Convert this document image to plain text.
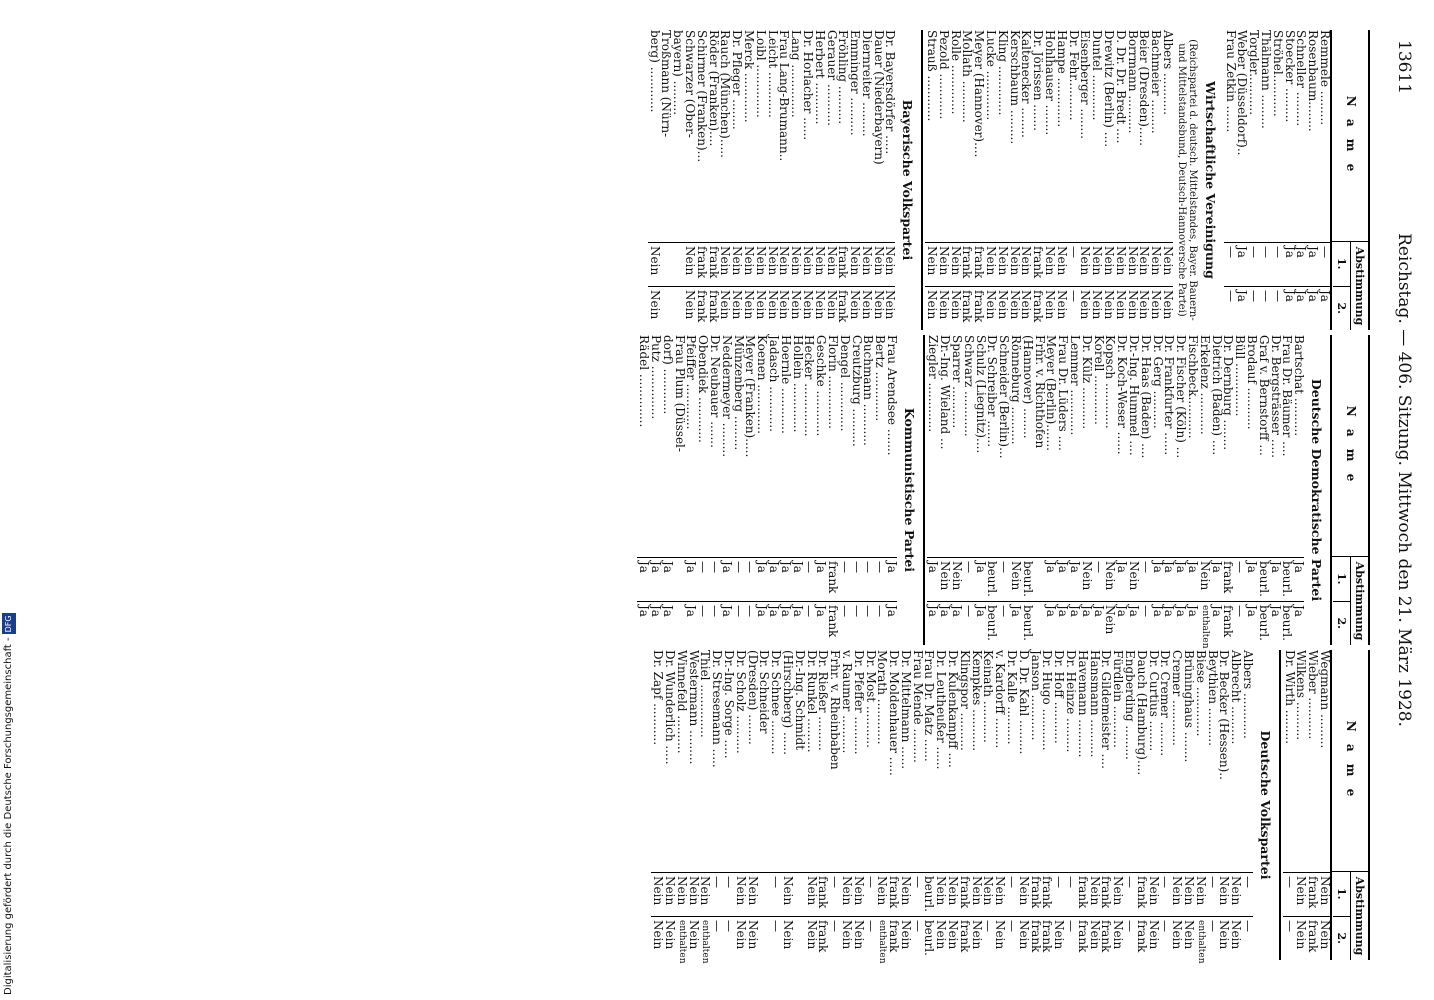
13611
Reichstag. — 406. Sitzung. Mittwoch den 21. März 1928.
N a m e
Abstimmung
1.
2.
Remmele .........
—
Ja
Rosenbaum........
Ja
Ja
Schneller .........
Ja
Ja
Stoecker .........
Ja
Ja
Ströhel...........
—
—
Thälmann .........
—
—
Torgler...........
—
—
Weber (Düsseldorf)..
Ja
Ja
Frau Zetkin .......
—
—
Wirtschaftliche Vereinigung
(Reichspartei d. deutsch. Mittelstandes, Bayer. Bauern- und Mittelstandsbund, Deutsch-Hannoversche Partei)
Albers ...........
Nein
Nein
Bachmeier .........
Nein
Nein
Beier (Dresden).....
Nein
Nein
Borrmann ..........
Nein
Nein
D. Dr. Dr. Bredt ....
Nein
Nein
Drewitz (Berlin) ....
Nein
Nein
Duntel ............
Nein
Nein
Eisenberger ........
Nein
Nein
Dr. Fehr...........
—
—
Hampe .............
Nein
Nein
Hohlhauser ........
Nein
Nein
Dr. Jörissen .......
frank
frank
Kaltenecker ........
Nein
Nein
Kerschbaum .........
Nein
Nein
Kling .............
Nein
Nein
Lucke .............
Nein
Nein
Meyer (Hannover)....
frank
frank
Mollath ...........
frank
frank
Rolle .............
Nein
Nein
Pezold ............
Nein
Nein
Strauß ............
Nein
Nein
Bayerische Volkspartei
Dr. Bayersdörfer .....
Nein
Nein
Dauer (Niederbayern)
Nein
Nein
Diernreiter .........
Nein
Nein
Emminger ..........
Nein
Nein
Fröhling ..........
frank
frank
Gerauer ...........
Nein
Nein
Herbert ...........
Nein
Nein
Dr. Horlacher ......
Nein
Nein
Lang ..............
Nein
Nein
Frau Lang-Brumann..
Nein
Nein
Leicht ............
Nein
Nein
Loibl ..............
Nein
Nein
Merck .............
Nein
Nein
Dr. Pfleger ........
Nein
Nein
Rauch (München).....
Nein
Nein
Röder (Franken)....
frank
frank
Schirmer (Franken)...
frank
frank
Schwarzer (Ober-
Nein
Nein
bayern) .........
Troßmann (Nürn-
berg) ............
Nein
Nein
N a m e
Abstimmung
1.
2.
Deutsche Demokratische Partei
Bartschat ..........
Ja
Ja
Frau Dr. Bäumer ....
beurl.
beurl.
Dr. Bergsträsser .....
Ja
Ja
Graf v. Bernstorff ...
beurl.
beurl.
Brodauf ...........
Ja
Ja
Büll ..............
—
—
Dr. Dernburg ........
frank
frank
Dietrich (Baden) ....
Ja
Ja
Erkelenz ...........
Nein
enthalten
Fischbeck...........
Ja
Ja
Dr. Fischer (Köln) ...
Ja
Ja
Dr. Frankfurter ......
Ja
Ja
Dr. Gerg ..........
Ja
Ja
Dr. Haas (Baden) ....
—
—
Dr.-Ing. Hummel ....
Nein
Ja
Dr. Koch-Weser ......
Ja
Ja
Kopsch ............
Nein
Nein
Korell .............
—
Ja
Dr. Külz ...........
Nein
Ja
Lemmer ............
Ja
Ja
Frau Dr. Lüders ....
Ja
Ja
Meyer (Berlin).......
Ja
Ja
Frhr. v. Richthofen
(Hannover) ........
beurl.
beurl.
Rönneburg ..........
Nein
Ja
Schneider (Berlin)...
—
—
Dr. Schreiber .......
beurl.
beurl.
Schulz (Liegnitz)....
Ja
Ja
Schwarz ............
—
—
Sparrer ...........
Nein
Ja
Dr.-Ing. Wieland ...
Nein
Ja
Ziegler .............
Ja
Ja
Kommunistische Partei
Frau Arendsee .......
Ja
Ja
Bertz .............
—
—
Buchmann ...........
—
—
Creutzburg ..........
—
—
Dengel .............
—
—
Florin ..............
frank
frank
Geschke ............
Ja
Ja
Hecker ..............
—
—
Hollein .............
Ja
Ja
Hoernle ............
Ja
Ja
Jadasch ............
Ja
Ja
Koenen .............
Ja
Ja
Meyer (Franken).....
—
—
Münzenberg .........
—
—
Neddermeyer .........
Ja
Ja
Dr. Neubauer .......
—
—
Obendiek ............
—
—
Pfeiffer ............
Ja
Ja
Frau Plum (Düssel-
dorf) ............
Ja
Ja
Putz ..............
Ja
Ja
Rädel ..............
Ja
Ja
N a m e
Abstimmung
1.
2.
Wegmann .........
Nein
Nein
Wieber ...........
frank
frank
Wilkens ..........
Nein
Nein
Dr. Wirth .........
—
—
Deutsche Volkspartei
Albers ............
—
—
Albrecht ..........
Nein
Nein
Dr. Becker (Hessen)..
Nein
Nein
Beythien ..........
—
—
Biese .............
Nein
enthalten
Brüninghaus ........
Nein
Nein
Cremer ............
Nein
Nein
Dr. Cremer .........
—
—
Dr. Curtius ........
Nein
Nein
Dauch (Hamburg)....
frank
frank
Engberding .........
—
—
Fürdlein ...........
Nein
Nein
Dr. Gildemeister ....
frank
frank
Hansmann ..........
Nein
Nein
Havemann ..........
frank
frank
Dr. Heinze .........
—
—
Dr. Hoff ...........
—
Nein
Dr. Hugo ...........
frank
frank
Janson ............
frank
frank
D. Dr. Kahl .........
Nein
Nein
Dr. Kalle ..........
—
—
v. Kardorff ........
Nein
Nein
Keinath ...........
Nein
—
Kempkes ...........
Nein
Nein
Klingspor ..........
frank
frank
Dr. Kulenkampff ....
Nein
Nein
Dr. Leutheußer ......
Nein
Nein
Frau Dr. Matz ......
beurl.
beurl.
Frau Mende .........
—
—
Dr. Mittelmann ......
Nein
Nein
Dr. Moldenhauer .....
frank
frank
Morath ............
Nein
enthalten
Dr. Most ...........
—
—
Dr. Pfeffer ..........
Nein
Nein
v. Raumer ..........
Nein
Nein
Frhr. v. Rheinbaben
—
—
Dr. Rießer .........
frank
frank
Dr. Runkel .........
Nein
Nein
Dr.-Ing. Schmidt
(Hirschberg) ......
Nein
Nein
Dr. Schnee .........
—
—
Dr. Schneider
(Dresden) ........
Nein
Nein
Dr. Scholz ..........
Nein
Nein
Dr.-Ing. Sorge .....
—
—
Dr. Stresemann .....
—
—
Thiel ..............
Nein
enthalten
Westermann .........
Nein
Nein
Winnefeld ..........
Nein
enthalten
Dr. Wunderlich .....
Nein
Nein
Dr. Zapf ...........
Nein
Nein
Digitalisierung gefördert durch die Deutsche Forschungsgemeinschaft -DFG
